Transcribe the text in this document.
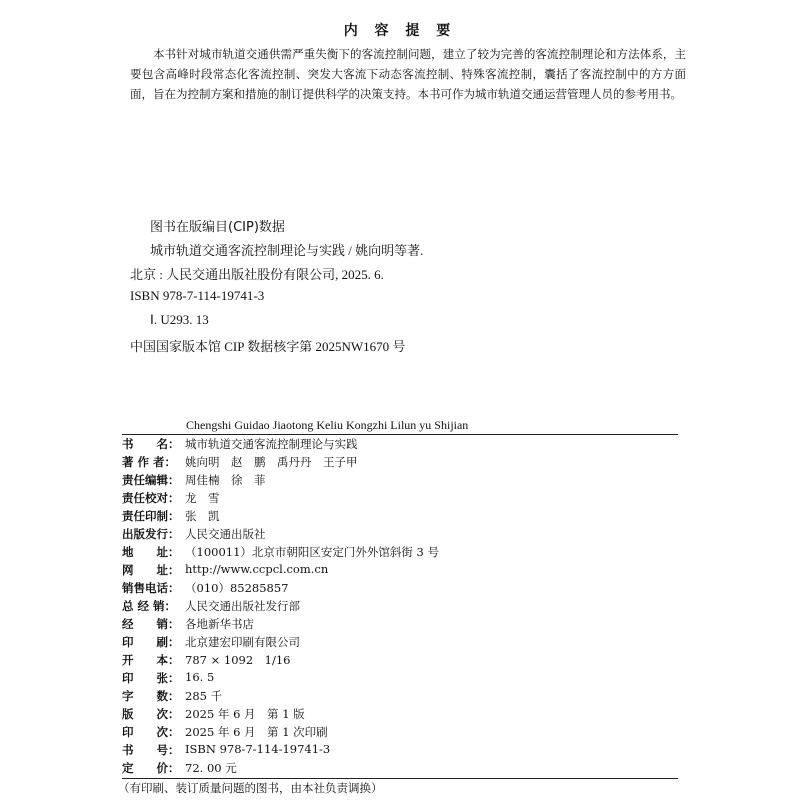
内 容 提 要
本书针对城市轨道交通供需严重失衡下的客流控制问题，建立了较为完善的客流控制理论和方法体系，主要包含高峰时段常态化客流控制、突发大客流下动态客流控制、特殊客流控制，囊括了客流控制中的方方面面，旨在为控制方案和措施的制订提供科学的决策支持。本书可作为城市轨道交通运营管理人员的参考用书。
图书在版编目(CIP)数据
城市轨道交通客流控制理论与实践 / 姚向明等著.
北京 : 人民交通出版社股份有限公司, 2025. 6.
ISBN 978-7-114-19741-3
Ⅰ. U293. 13
中国国家版本馆 CIP 数据核字第 2025NW1670 号
Chengshi Guidao Jiaotong Keliu Kongzhi Lilun yu Shijian
书　　名： 城市轨道交通客流控制理论与实践
著 作 者： 姚向明　赵　鹏　禹丹丹　王子甲
责任编辑： 周佳楠　徐　菲
责任校对： 龙　雪
责任印制： 张　凯
出版发行： 人民交通出版社
地　　址： （100011）北京市朝阳区安定门外外馆斜街 3 号
网　　址： http://www.ccpcl.com.cn
销售电话： （010）85285857
总 经 销： 人民交通出版社发行部
经　　销： 各地新华书店
印　　刷： 北京建宏印刷有限公司
开　　本： 787 × 1092　1/16
印　　张： 16. 5
字　　数： 285 千
版　　次： 2025 年 6 月　第 1 版
印　　次： 2025 年 6 月　第 1 次印刷
书　　号： ISBN 978-7-114-19741-3
定　　价： 72. 00 元
（有印刷、装订质量问题的图书，由本社负责调换）
